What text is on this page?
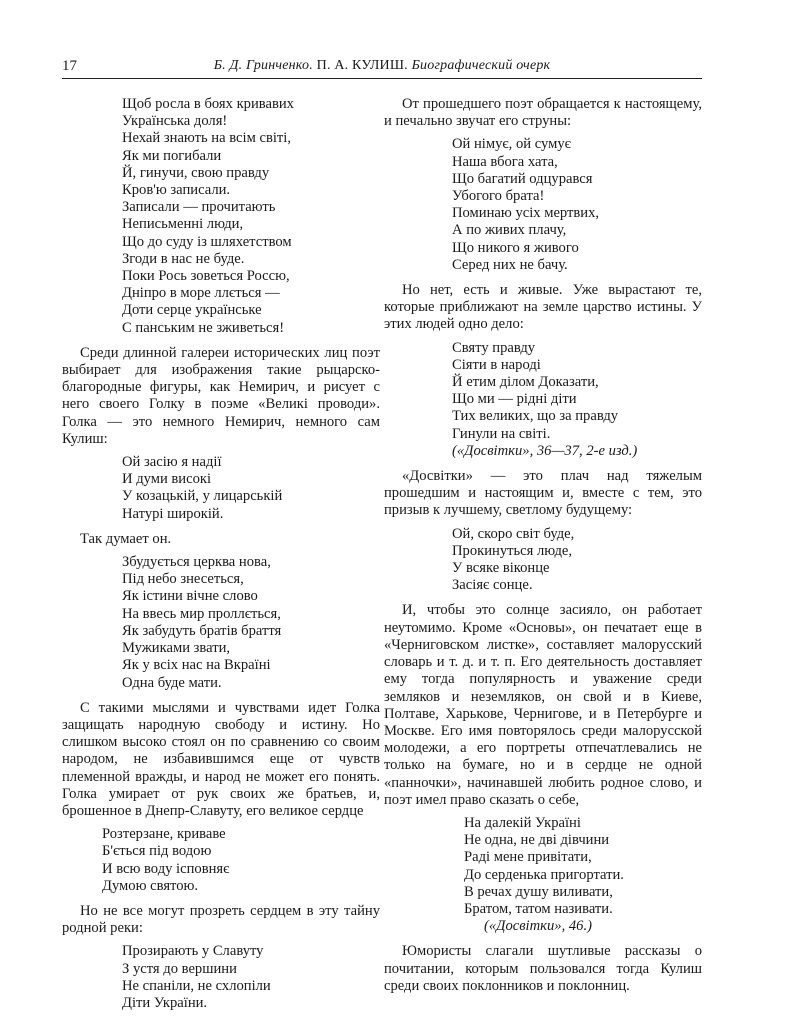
17	Б. Д. Гринченко. П. А. КУЛИШ. Биографический очерк
Щоб росла в боях кривавих
Українська доля!
Нехай знають на всім світі,
Як ми погибали
Й, гинучи, свою правду
Кров'ю записали.
Записали — прочитають
Неписьменні люди,
Що до суду із шляхетством
Згоди в нас не буде.
Поки Рось зоветься Россю,
Дніпро в море ллється —
Доти серце українське
С панським не зживеться!

Среди длинной галереи исторических лиц поэт выбирает для изображения такие рыцарско-благородные фигуры, как Немирич, и рисует с него своего Голку в поэме «Великі проводи». Голка — это немного Немирич, немного сам Кулиш:

Ой засію я надії
И думи високі
У козацькій, у лицарській
Натурі широкій.

Так думает он.

Збудується церква нова,
Під небо знесеться,
Як істини вічне слово
На ввесь мир проллється,
Як забудуть братів браття
Мужиками звати,
Як у всіх нас на Вкраїні
Одна буде мати.

С такими мыслями и чувствами идет Голка защищать народную свободу и истину. Но слишком высоко стоял он по сравнению со своим народом, не избавившимся еще от чувств племенной вражды, и народ не может его понять. Голка умирает от рук своих же братьев, и, брошенное в Днепр-Славуту, его великое сердце

Розтерзане, криваве
Б'ється під водою
И всю воду ісповняє
Думою святою.

Но не все могут прозреть сердцем в эту тайну родной реки:

Прозирають у Славуту
З устя до вершини
Не спаніли, не схлопіли
Діти України.

От прошедшего поэт обращается к настоящему, и печально звучат его струны:

Ой німує, ой сумує
Наша вбога хата,
Що багатий одцурався
Убогого брата!
Поминаю усіх мертвих,
А по живих плачу,
Що никого я живого
Серед них не бачу.

Но нет, есть и живые. Уже вырастают те, которые приближают на земле царство истины. У этих людей одно дело:

Святу правду
Сіяти в народі
Й етим ділом Доказати,
Що ми — рідні діти
Тих великих, що за правду
Гинули на світі.
(«Досвітки», 36—37, 2-е изд.)

«Досвітки» — это плач над тяжелым прошедшим и настоящим и, вместе с тем, это призыв к лучшему, светлому будущему:

Ой, скоро світ буде,
Прокинуться люде,
У всяке віконце
Засіяє сонце.

И, чтобы это солнце засияло, он работает неутомимо. Кроме «Основы», он печатает еще в «Черниговском листке», составляет малорусский словарь и т. д. и т. п. Его деятельность доставляет ему тогда популярность и уважение среди земляков и неземляков, он свой и в Киеве, Полтаве, Харькове, Чернигове, и в Петербурге и Москве. Его имя повторялось среди малорусской молодежи, а его портреты отпечатлевались не только на бумаге, но и в сердце не одной «панночки», начинавшей любить родное слово, и поэт имел право сказать о себе,

На далекій Україні
Не одна, не дві дівчини
Раді мене привітати,
До серденька пригортати.
В речах душу виливати,
Братом, татом називати.
(«Досвітки», 46.)

Юмористы слагали шутливые рассказы о почитании, которым пользовался тогда Кулиш среди своих поклонников и поклонниц.
